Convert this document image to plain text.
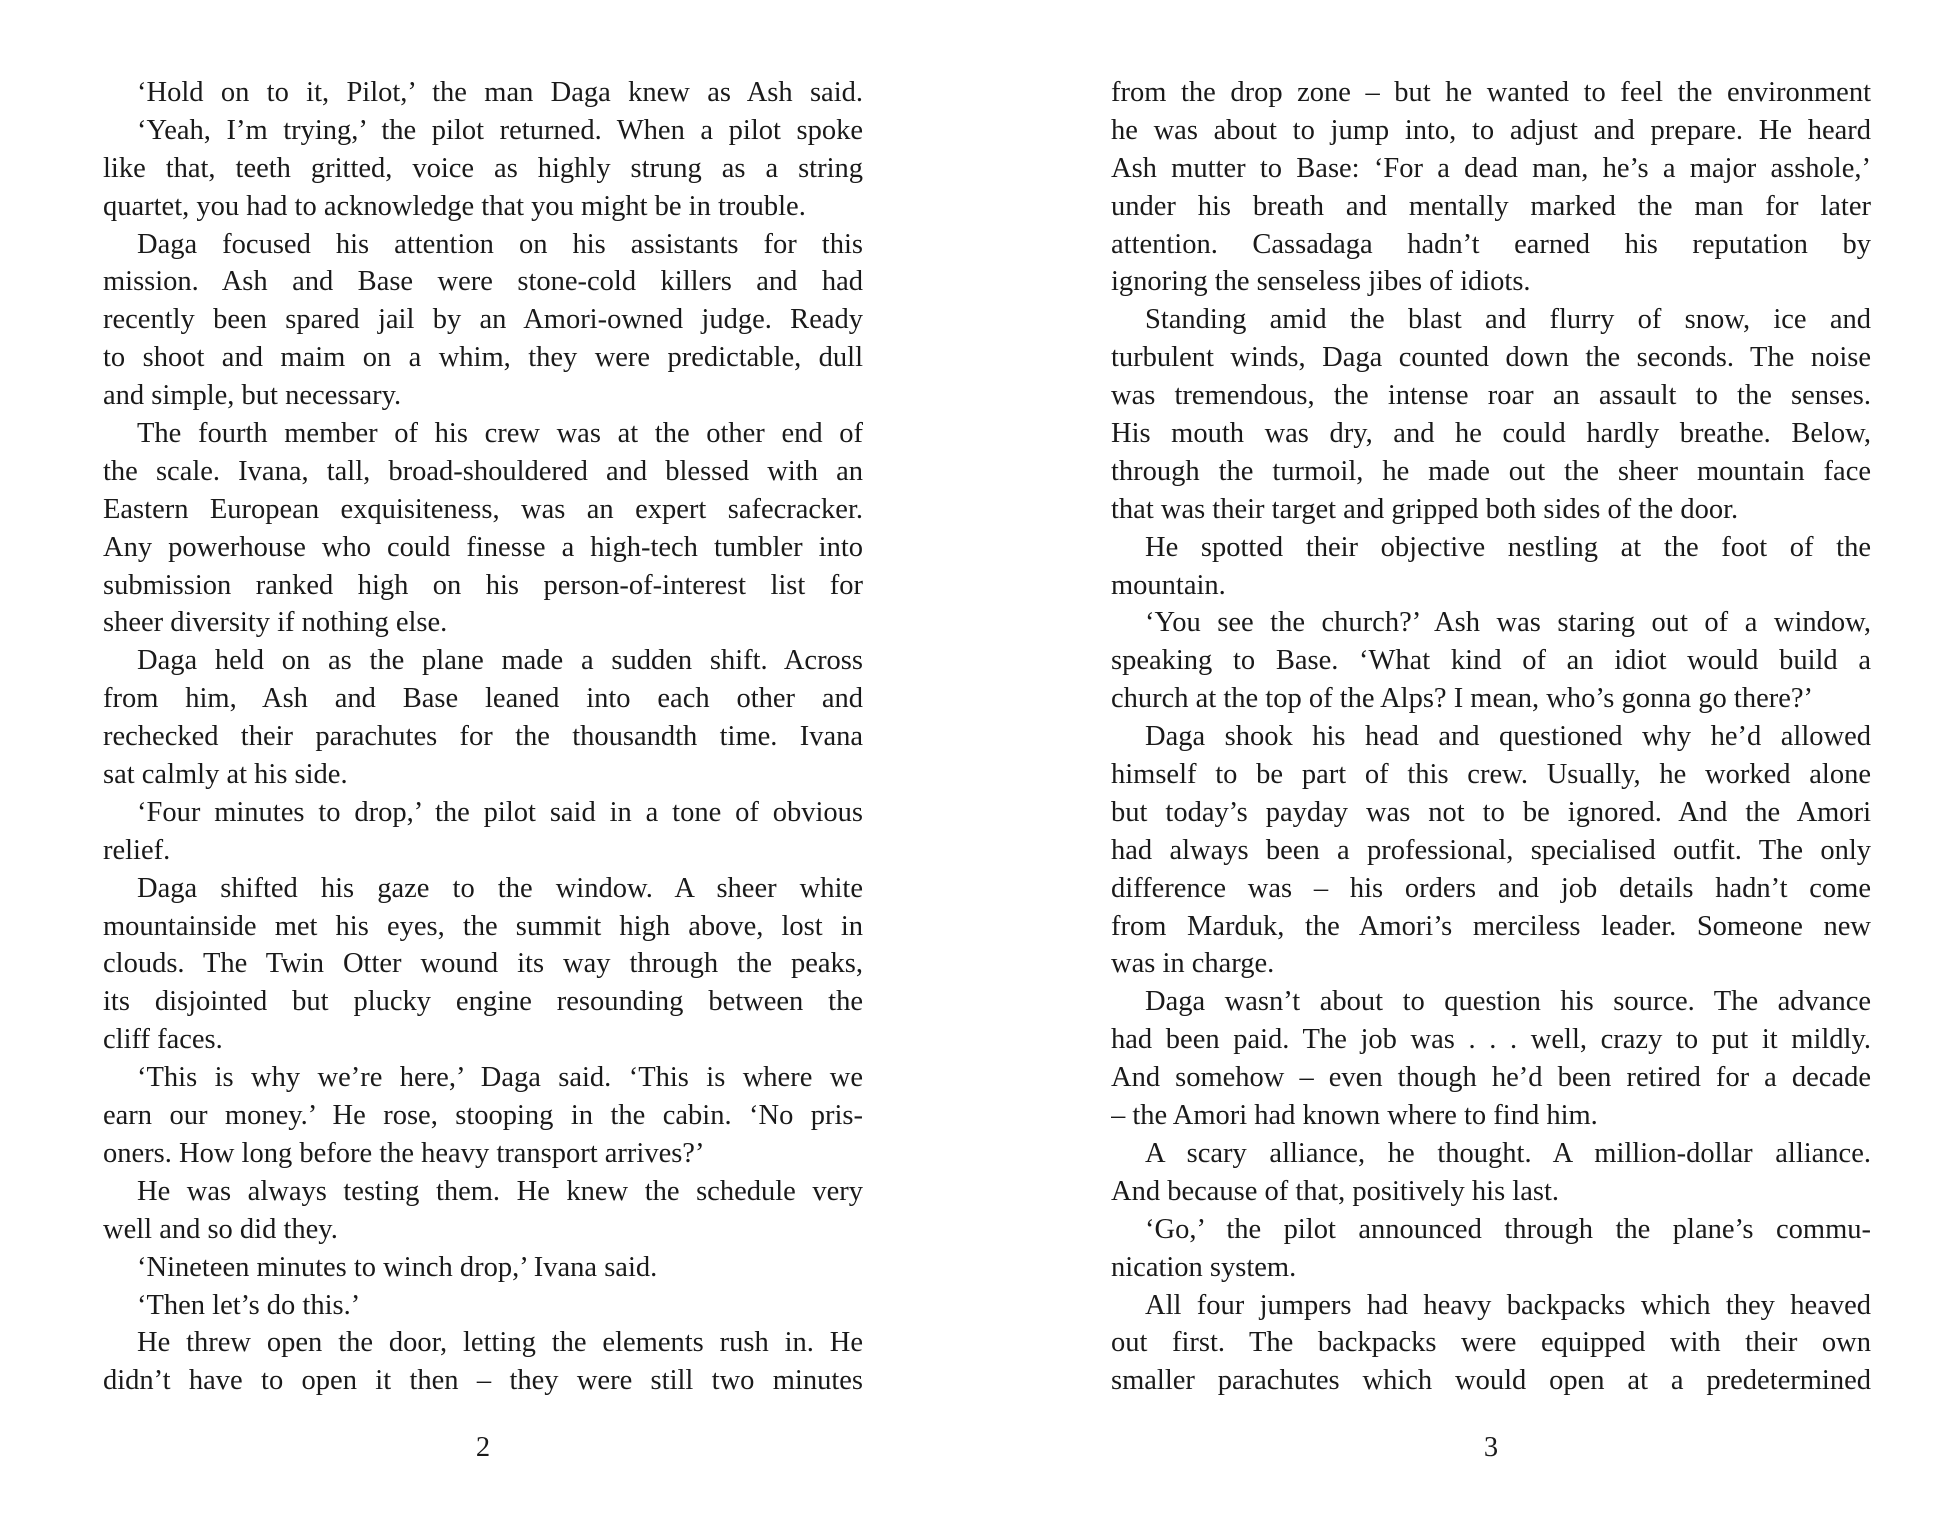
‘Hold on to it, Pilot,’ the man Daga knew as Ash said.
‘Yeah, I’m trying,’ the pilot returned. When a pilot spoke
like that, teeth gritted, voice as highly strung as a string
quartet, you had to acknowledge that you might be in trouble.
Daga focused his attention on his assistants for this
mission. Ash and Base were stone-cold killers and had
recently been spared jail by an Amori-owned judge. Ready
to shoot and maim on a whim, they were predictable, dull
and simple, but necessary.
The fourth member of his crew was at the other end of
the scale. Ivana, tall, broad-shouldered and blessed with an
Eastern European exquisiteness, was an expert safecracker.
Any powerhouse who could finesse a high-tech tumbler into
submission ranked high on his person-of-interest list for
sheer diversity if nothing else.
Daga held on as the plane made a sudden shift. Across
from him, Ash and Base leaned into each other and
rechecked their parachutes for the thousandth time. Ivana
sat calmly at his side.
‘Four minutes to drop,’ the pilot said in a tone of obvious
relief.
Daga shifted his gaze to the window. A sheer white
mountainside met his eyes, the summit high above, lost in
clouds. The Twin Otter wound its way through the peaks,
its disjointed but plucky engine resounding between the
cliff faces.
‘This is why we’re here,’ Daga said. ‘This is where we
earn our money.’ He rose, stooping in the cabin. ‘No pris-
oners. How long before the heavy transport arrives?’
He was always testing them. He knew the schedule very
well and so did they.
‘Nineteen minutes to winch drop,’ Ivana said.
‘Then let’s do this.’
He threw open the door, letting the elements rush in. He
didn’t have to open it then – they were still two minutes
2
from the drop zone – but he wanted to feel the environment
he was about to jump into, to adjust and prepare. He heard
Ash mutter to Base: ‘For a dead man, he’s a major asshole,’
under his breath and mentally marked the man for later
attention. Cassadaga hadn’t earned his reputation by
ignoring the senseless jibes of idiots.
Standing amid the blast and flurry of snow, ice and
turbulent winds, Daga counted down the seconds. The noise
was tremendous, the intense roar an assault to the senses.
His mouth was dry, and he could hardly breathe. Below,
through the turmoil, he made out the sheer mountain face
that was their target and gripped both sides of the door.
He spotted their objective nestling at the foot of the
mountain.
‘You see the church?’ Ash was staring out of a window,
speaking to Base. ‘What kind of an idiot would build a
church at the top of the Alps? I mean, who’s gonna go there?’
Daga shook his head and questioned why he’d allowed
himself to be part of this crew. Usually, he worked alone
but today’s payday was not to be ignored. And the Amori
had always been a professional, specialised outfit. The only
difference was – his orders and job details hadn’t come
from Marduk, the Amori’s merciless leader. Someone new
was in charge.
Daga wasn’t about to question his source. The advance
had been paid. The job was . . . well, crazy to put it mildly.
And somehow – even though he’d been retired for a decade
– the Amori had known where to find him.
A scary alliance, he thought. A million-dollar alliance.
And because of that, positively his last.
‘Go,’ the pilot announced through the plane’s commu-
nication system.
All four jumpers had heavy backpacks which they heaved
out first. The backpacks were equipped with their own
smaller parachutes which would open at a predetermined
3
